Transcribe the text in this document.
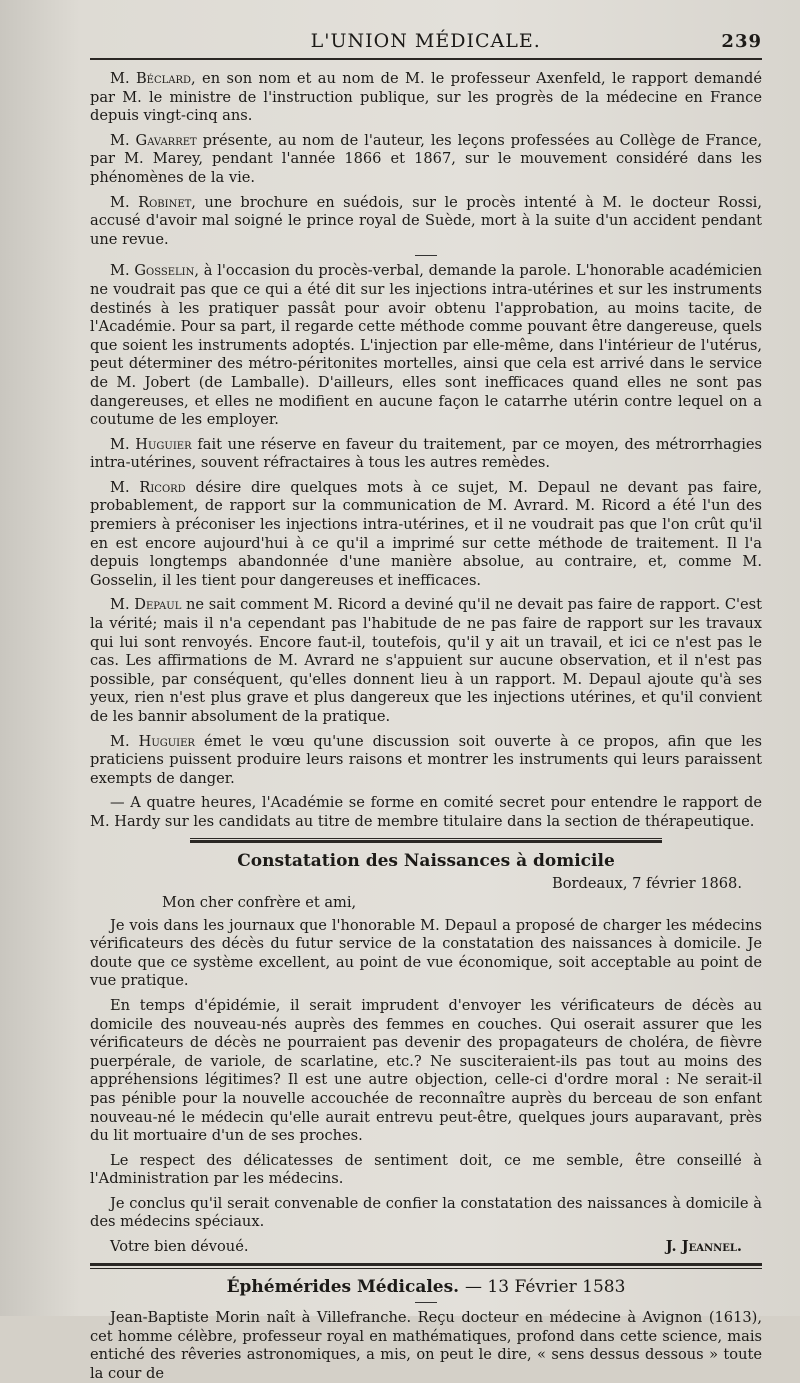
L'UNION MÉDICALE.	239

M. Béclard, en son nom et au nom de M. le professeur Axenfeld, le rapport demandé par M. le ministre de l'instruction publique, sur les progrès de la médecine en France depuis vingt-cinq ans.

M. Gavarret présente, au nom de l'auteur, les leçons professées au Collège de France, par M. Marey, pendant l'année 1866 et 1867, sur le mouvement considéré dans les phénomènes de la vie.

M. Robinet, une brochure en suédois, sur le procès intenté à M. le docteur Rossi, accusé d'avoir mal soigné le prince royal de Suède, mort à la suite d'un accident pendant une revue.

M. Gosselin, à l'occasion du procès-verbal, demande la parole. L'honorable académicien ne voudrait pas que ce qui a été dit sur les injections intra-utérines et sur les instruments destinés à les pratiquer passât pour avoir obtenu l'approbation, au moins tacite, de l'Académie. Pour sa part, il regarde cette méthode comme pouvant être dangereuse, quels que soient les instruments adoptés. L'injection par elle-même, dans l'intérieur de l'utérus, peut déterminer des métro-péritonites mortelles, ainsi que cela est arrivé dans le service de M. Jobert (de Lamballe). D'ailleurs, elles sont inefficaces quand elles ne sont pas dangereuses, et elles ne modifient en aucune façon le catarrhe utérin contre lequel on a coutume de les employer.

M. Huguier fait une réserve en faveur du traitement, par ce moyen, des métrorrhagies intra-utérines, souvent réfractaires à tous les autres remèdes.

M. Ricord désire dire quelques mots à ce sujet, M. Depaul ne devant pas faire, probablement, de rapport sur la communication de M. Avrard. M. Ricord a été l'un des premiers à préconiser les injections intra-utérines, et il ne voudrait pas que l'on crût qu'il en est encore aujourd'hui à ce qu'il a imprimé sur cette méthode de traitement. Il l'a depuis longtemps abandonnée d'une manière absolue, au contraire, et, comme M. Gosselin, il les tient pour dangereuses et inefficaces.

M. Depaul ne sait comment M. Ricord a deviné qu'il ne devait pas faire de rapport. C'est la vérité; mais il n'a cependant pas l'habitude de ne pas faire de rapport sur les travaux qui lui sont renvoyés. Encore faut-il, toutefois, qu'il y ait un travail, et ici ce n'est pas le cas. Les affirmations de M. Avrard ne s'appuient sur aucune observation, et il n'est pas possible, par conséquent, qu'elles donnent lieu à un rapport. M. Depaul ajoute qu'à ses yeux, rien n'est plus grave et plus dangereux que les injections utérines, et qu'il convient de les bannir absolument de la pratique.

M. Huguier émet le vœu qu'une discussion soit ouverte à ce propos, afin que les praticiens puissent produire leurs raisons et montrer les instruments qui leurs paraissent exempts de danger.

— A quatre heures, l'Académie se forme en comité secret pour entendre le rapport de M. Hardy sur les candidats au titre de membre titulaire dans la section de thérapeutique.

Constatation des Naissances à domicile
Bordeaux, 7 février 1868.
Mon cher confrère et ami,

Je vois dans les journaux que l'honorable M. Depaul a proposé de charger les médecins vérificateurs des décès du futur service de la constatation des naissances à domicile. Je doute que ce système excellent, au point de vue économique, soit acceptable au point de vue pratique.

En temps d'épidémie, il serait imprudent d'envoyer les vérificateurs de décès au domicile des nouveau-nés auprès des femmes en couches. Qui oserait assurer que les vérificateurs de décès ne pourraient pas devenir des propagateurs de choléra, de fièvre puerpérale, de variole, de scarlatine, etc.? Ne susciteraient-ils pas tout au moins des appréhensions légitimes? Il est une autre objection, celle-ci d'ordre moral : Ne serait-il pas pénible pour la nouvelle accouchée de reconnaître auprès du berceau de son enfant nouveau-né le médecin qu'elle aurait entrevu peut-être, quelques jours auparavant, près du lit mortuaire d'un de ses proches.

Le respect des délicatesses de sentiment doit, ce me semble, être conseillé à l'Administration par les médecins.

Je conclus qu'il serait convenable de confier la constatation des naissances à domicile à des médecins spéciaux.

Votre bien dévoué.	J. Jeannel.
Éphémérides Médicales. — 13 Février 1583

Jean-Baptiste Morin naît à Villefranche. Reçu docteur en médecine à Avignon (1613), cet homme célèbre, professeur royal en mathématiques, profond dans cette science, mais entiché des rêveries astronomiques, a mis, on peut le dire, « sens dessus dessous » toute la cour de
